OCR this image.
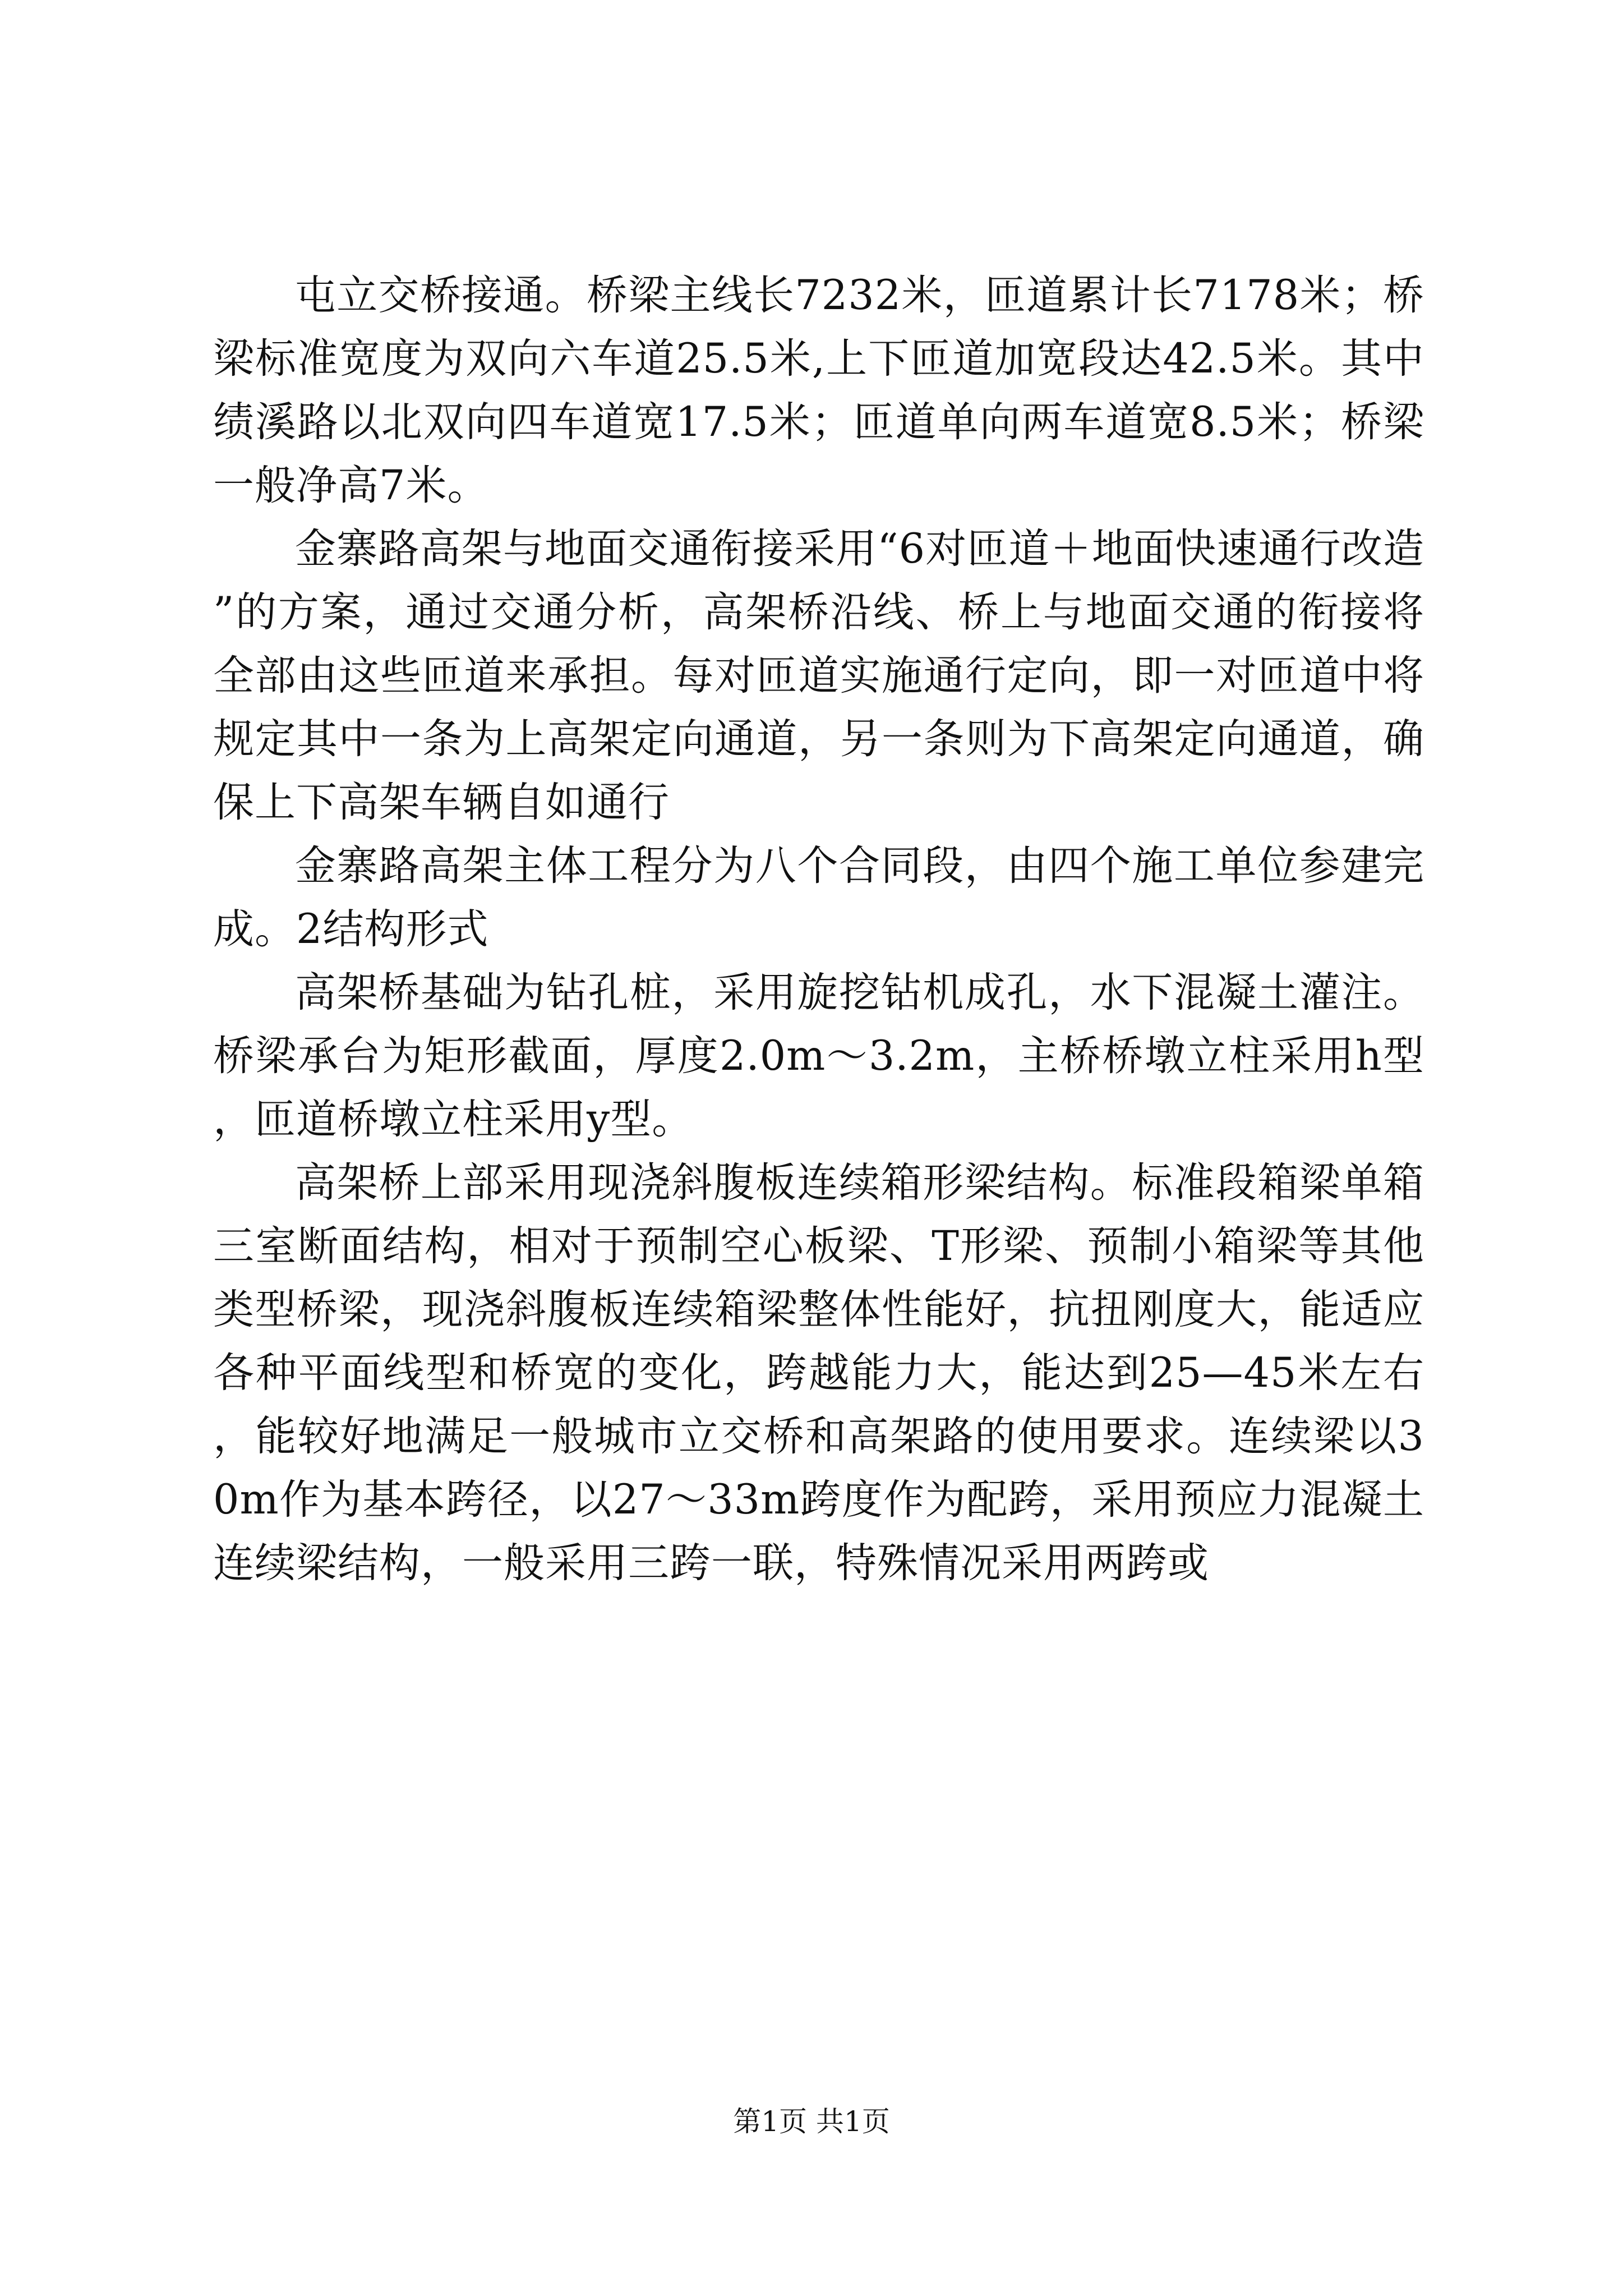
屯立交桥接通。桥梁主线长7232米，匝道累计长7178米；桥梁标准宽度为双向六车道25.5米,上下匝道加宽段达42.5米。其中绩溪路以北双向四车道宽17.5米；匝道单向两车道宽8.5米；桥梁一般净高7米。

金寨路高架与地面交通衔接采用“6对匝道＋地面快速通行改造”的方案，通过交通分析，高架桥沿线、桥上与地面交通的衔接将全部由这些匝道来承担。每对匝道实施通行定向，即一对匝道中将规定其中一条为上高架定向通道，另一条则为下高架定向通道，确保上下高架车辆自如通行

金寨路高架主体工程分为八个合同段，由四个施工单位参建完成。2结构形式

高架桥基础为钻孔桩，采用旋挖钻机成孔，水下混凝土灌注。桥梁承台为矩形截面，厚度2.0m～3.2m，主桥桥墩立柱采用h型，匝道桥墩立柱采用y型。

高架桥上部采用现浇斜腹板连续箱形梁结构。标准段箱梁单箱三室断面结构，相对于预制空心板梁、T形梁、预制小箱梁等其他类型桥梁，现浇斜腹板连续箱梁整体性能好，抗扭刚度大，能适应各种平面线型和桥宽的变化，跨越能力大，能达到25—45米左右，能较好地满足一般城市立交桥和高架路的使用要求。连续梁以30m作为基本跨径，以27～33m跨度作为配跨，采用预应力混凝土连续梁结构，一般采用三跨一联，特殊情况采用两跨或

第1页 共1页
